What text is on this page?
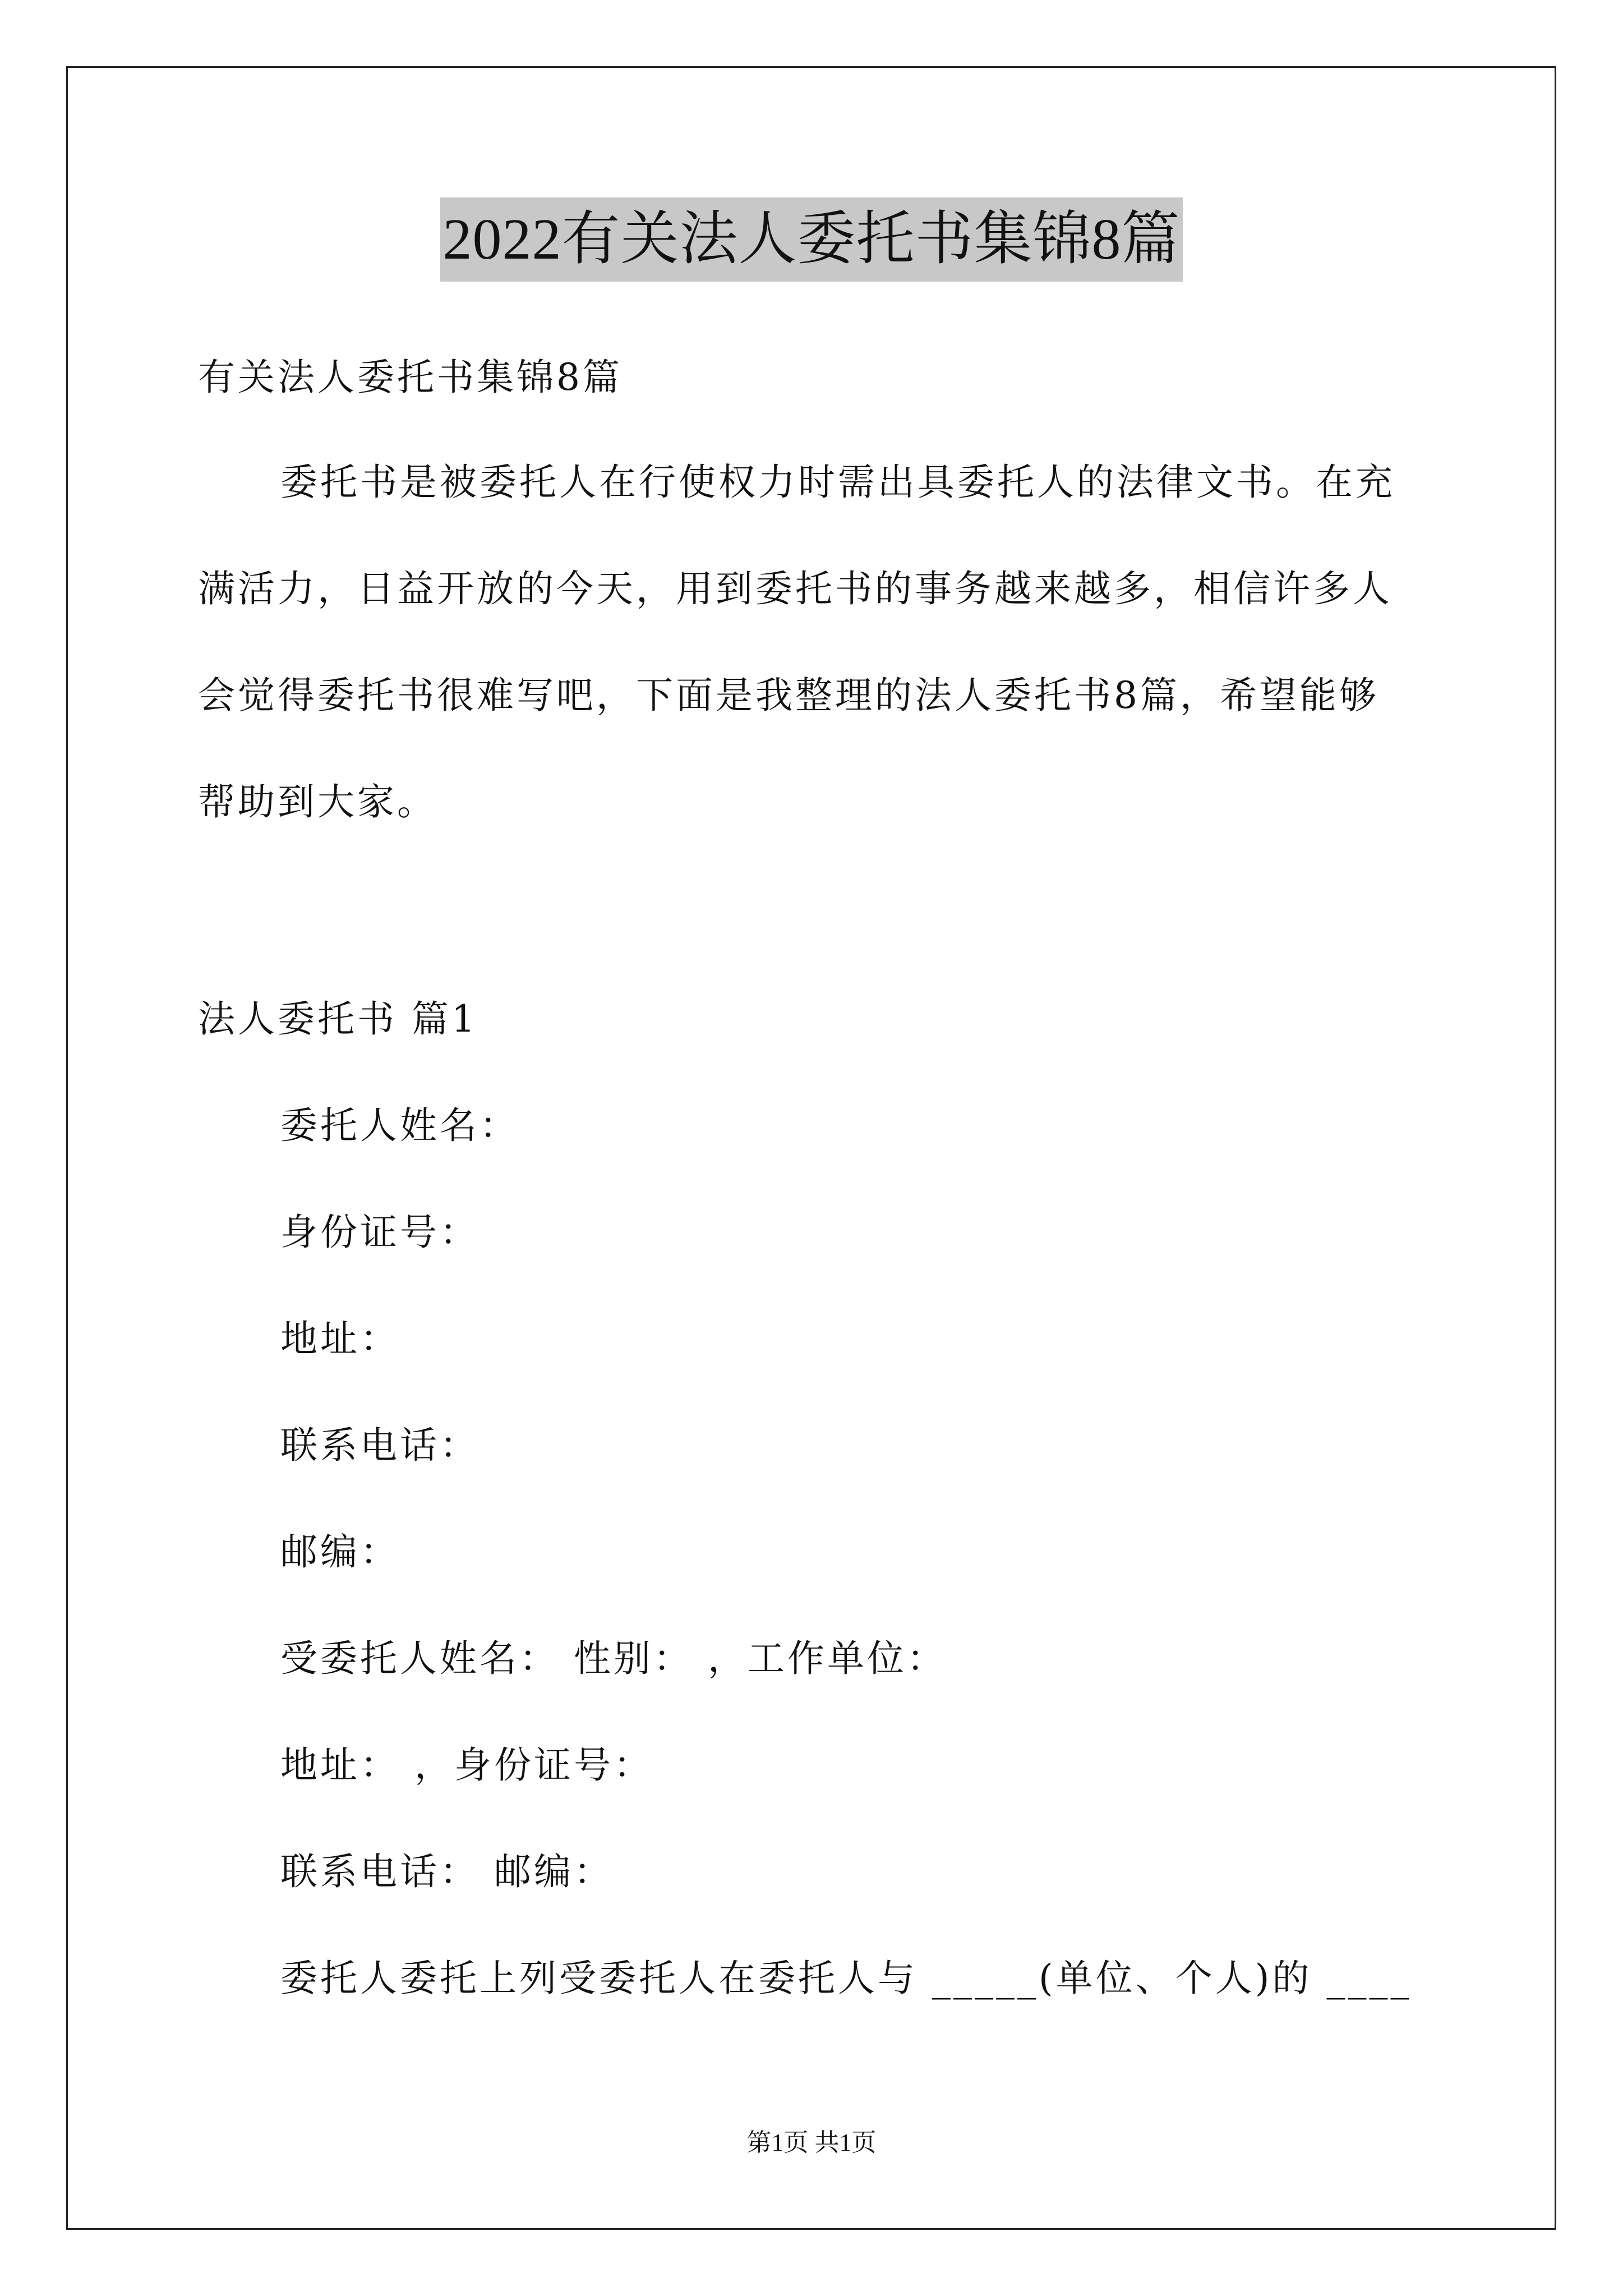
2022有关法人委托书集锦8篇
有关法人委托书集锦8篇
委托书是被委托人在行使权力时需出具委托人的法律文书。在充
满活力，日益开放的今天，用到委托书的事务越来越多，相信许多人
会觉得委托书很难写吧，下面是我整理的法人委托书8篇，希望能够
帮助到大家。
法人委托书 篇1
委托人姓名：
身份证号：
地址：
联系电话：
邮编：
受委托人姓名： 性别： ，工作单位：
地址： ，身份证号：
联系电话： 邮编：
委托人委托上列受委托人在委托人与 _____(单位、个人)的 ____
第1页 共1页
